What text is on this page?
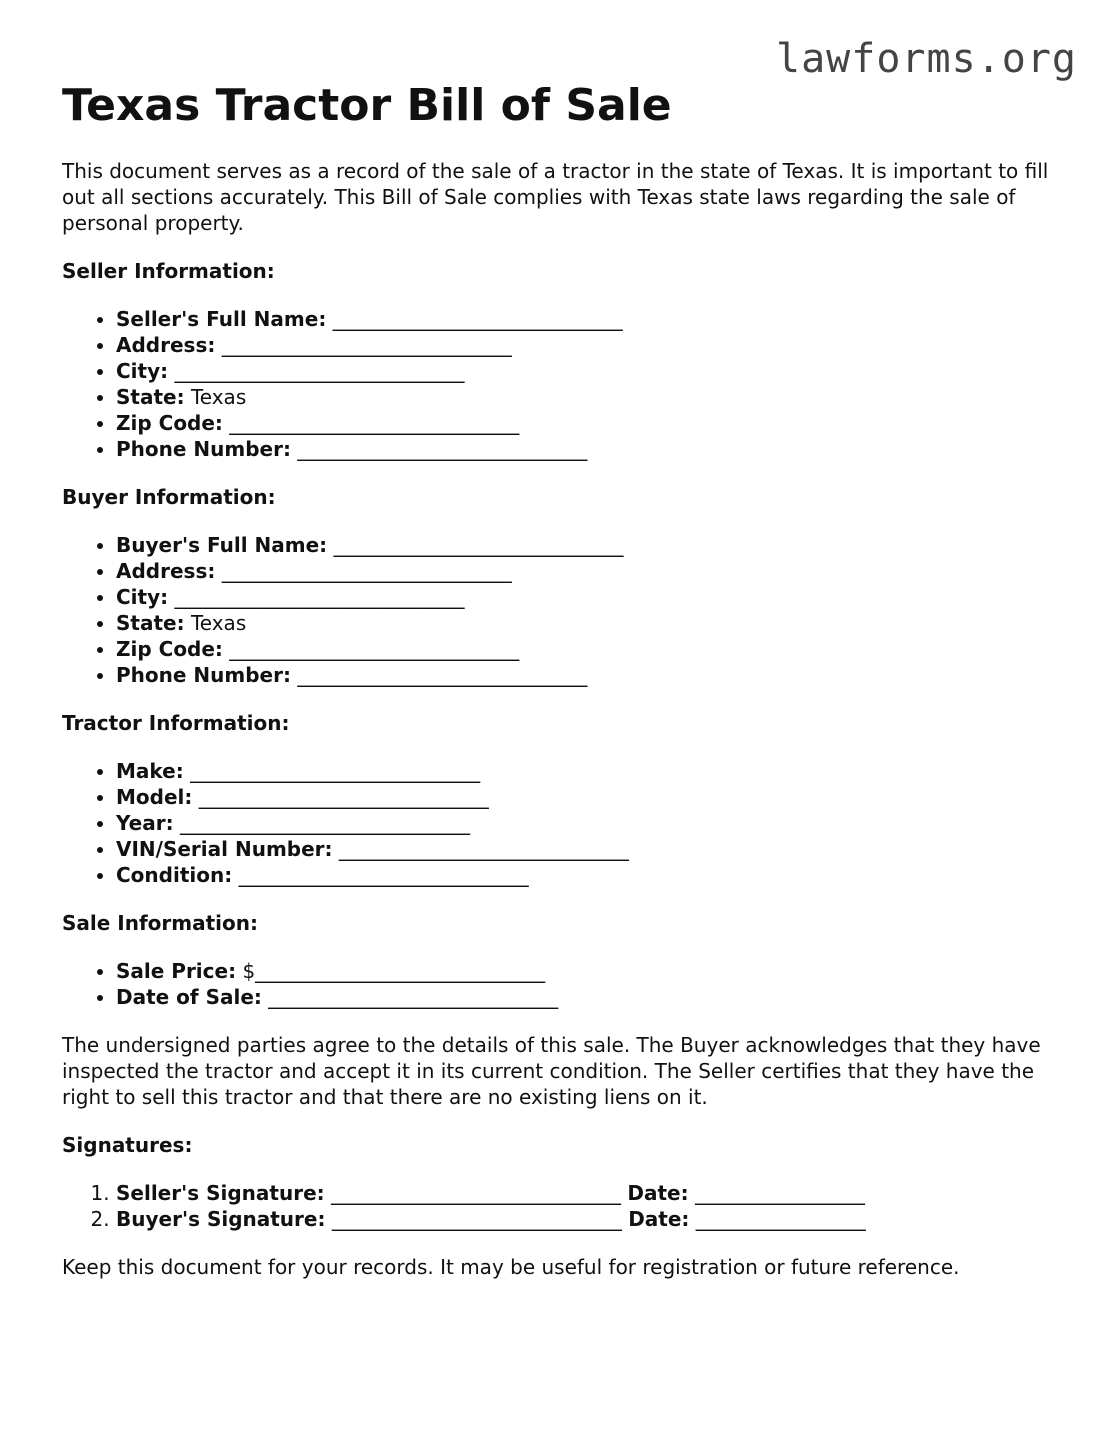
lawforms.org
Texas Tractor Bill of Sale

This document serves as a record of the sale of a tractor in the state of Texas. It is important to fill out all sections accurately. This Bill of Sale complies with Texas state laws regarding the sale of personal property.

Seller Information:
• Seller's Full Name: _____________________________
• Address: _____________________________
• City: _____________________________
• State: Texas
• Zip Code: _____________________________
• Phone Number: _____________________________
Buyer Information:
• Buyer's Full Name: _____________________________
• Address: _____________________________
• City: _____________________________
• State: Texas
• Zip Code: _____________________________
• Phone Number: _____________________________
Tractor Information:
• Make: _____________________________
• Model: _____________________________
• Year: _____________________________
• VIN/Serial Number: _____________________________
• Condition: _____________________________
Sale Information:
• Sale Price: $_____________________________
• Date of Sale: _____________________________

The undersigned parties agree to the details of this sale. The Buyer acknowledges that they have inspected the tractor and accept it in its current condition. The Seller certifies that they have the right to sell this tractor and that there are no existing liens on it.

Signatures:
1. Seller's Signature: _____________________________ Date: _________________
2. Buyer's Signature: _____________________________ Date: _________________

Keep this document for your records. It may be useful for registration or future reference.
